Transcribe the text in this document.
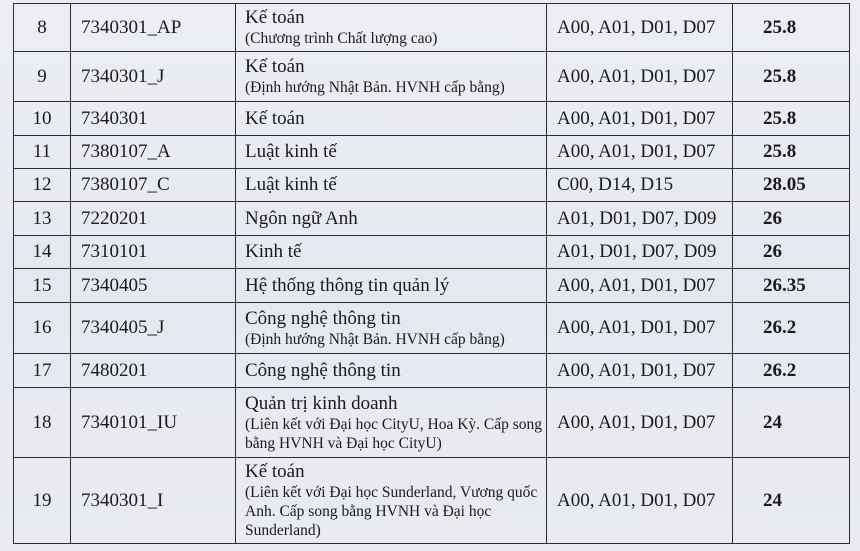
8	7340301_AP	Kế toán
(Chương trình Chất lượng cao)	A00, A01, D01, D07	25.8
9	7340301_J	Kế toán
(Định hướng Nhật Bản. HVNH cấp bằng)	A00, A01, D01, D07	25.8
10	7340301	Kế toán	A00, A01, D01, D07	25.8
11	7380107_A	Luật kinh tế	A00, A01, D01, D07	25.8
12	7380107_C	Luật kinh tế	C00, D14, D15	28.05
13	7220201	Ngôn ngữ Anh	A01, D01, D07, D09	26
14	7310101	Kinh tế	A01, D01, D07, D09	26
15	7340405	Hệ thống thông tin quản lý	A00, A01, D01, D07	26.35
16	7340405_J	Công nghệ thông tin
(Định hướng Nhật Bản. HVNH cấp bằng)	A00, A01, D01, D07	26.2
17	7480201	Công nghệ thông tin	A00, A01, D01, D07	26.2
18	7340101_IU	Quản trị kinh doanh
(Liên kết với Đại học CityU, Hoa Kỳ. Cấp song bằng HVNH và Đại học CityU)	A00, A01, D01, D07	24
19	7340301_I	Kế toán
(Liên kết với Đại học Sunderland, Vương quốc Anh. Cấp song bằng HVNH và Đại học Sunderland)	A00, A01, D01, D07	24
